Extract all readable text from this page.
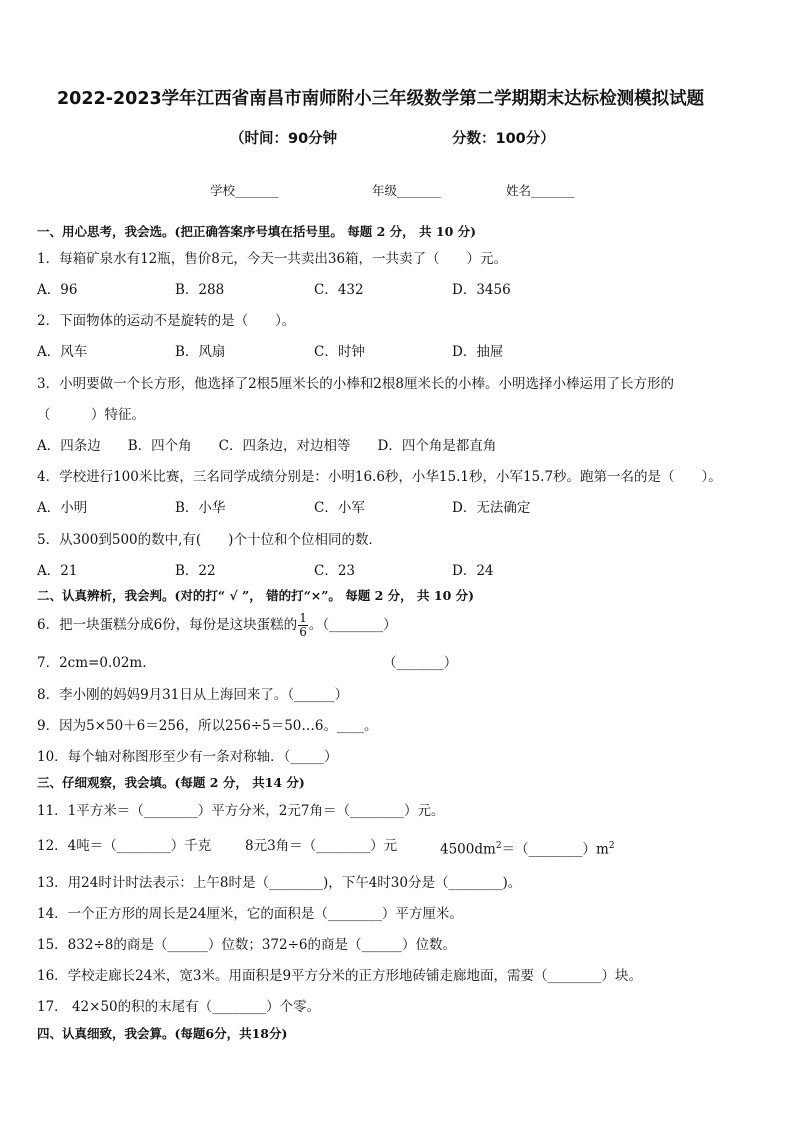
2022-2023学年江西省南昌市南师附小三年级数学第二学期期末达标检测模拟试题
（时间：90分钟	分数：100分）
学校_______	年级_______	姓名_______
一、用心思考，我会选。(把正确答案序号填在括号里。 每题 2 分， 共 10 分)
1．每箱矿泉水有12瓶，售价8元，今天一共卖出36箱，一共卖了（　　）元。
A．96	B．288	C．432	D．3456
2．下面物体的运动不是旋转的是（　　）。
A．风车	B．风扇	C．时钟	D．抽屉
3．小明要做一个长方形，他选择了2根5厘米长的小棒和2根8厘米长的小棒。小明选择小棒运用了长方形的
（　　　）特征。
A．四条边　　B．四个角　　C．四条边，对边相等　　D．四个角是都直角
4．学校进行100米比赛，三名同学成绩分别是：小明16.6秒，小华15.1秒，小军15.7秒。跑第一名的是（　　）。
A．小明	B．小华	C．小军	D．无法确定
5．从300到500的数中,有(　　)个十位和个位相同的数．
A．21	B．22	C．23	D．24
二、认真辨析，我会判。(对的打“ √ ”， 错的打“×”。 每题 2 分， 共 10 分)
6．把一块蛋糕分成6份，每份是这块蛋糕的 $\frac{1}{6}$ 。（________）
7．2cm=0.02m.	（_______）
8．李小刚的妈妈9月31日从上海回来了。（______）
9．因为5×50＋6＝256，所以256÷5＝50…6。____。
10．每个轴对称图形至少有一条对称轴．（_____）
三、仔细观察，我会填。(每题 2 分， 共14 分)
11．1平方米＝（________）平方分米，2元7角＝（________）元。
12．4吨＝（________）千克 8元3角＝（________）元	$4500dm^2=(\_\_\_\_\_\_\_\_)m^2$
13．用24时计时法表示：上午8时是（________)，下午4时30分是（________)。
14．一个正方形的周长是24厘米，它的面积是（________）平方厘米。
15．832÷8的商是（______）位数；372÷6的商是（______）位数。
16．学校走廊长24米，宽3米。用面积是9平方分米的正方形地砖铺走廊地面，需要（________）块。
17． 42×50的积的末尾有（________）个零。
四、认真细致，我会算。(每题6分，共18分)
